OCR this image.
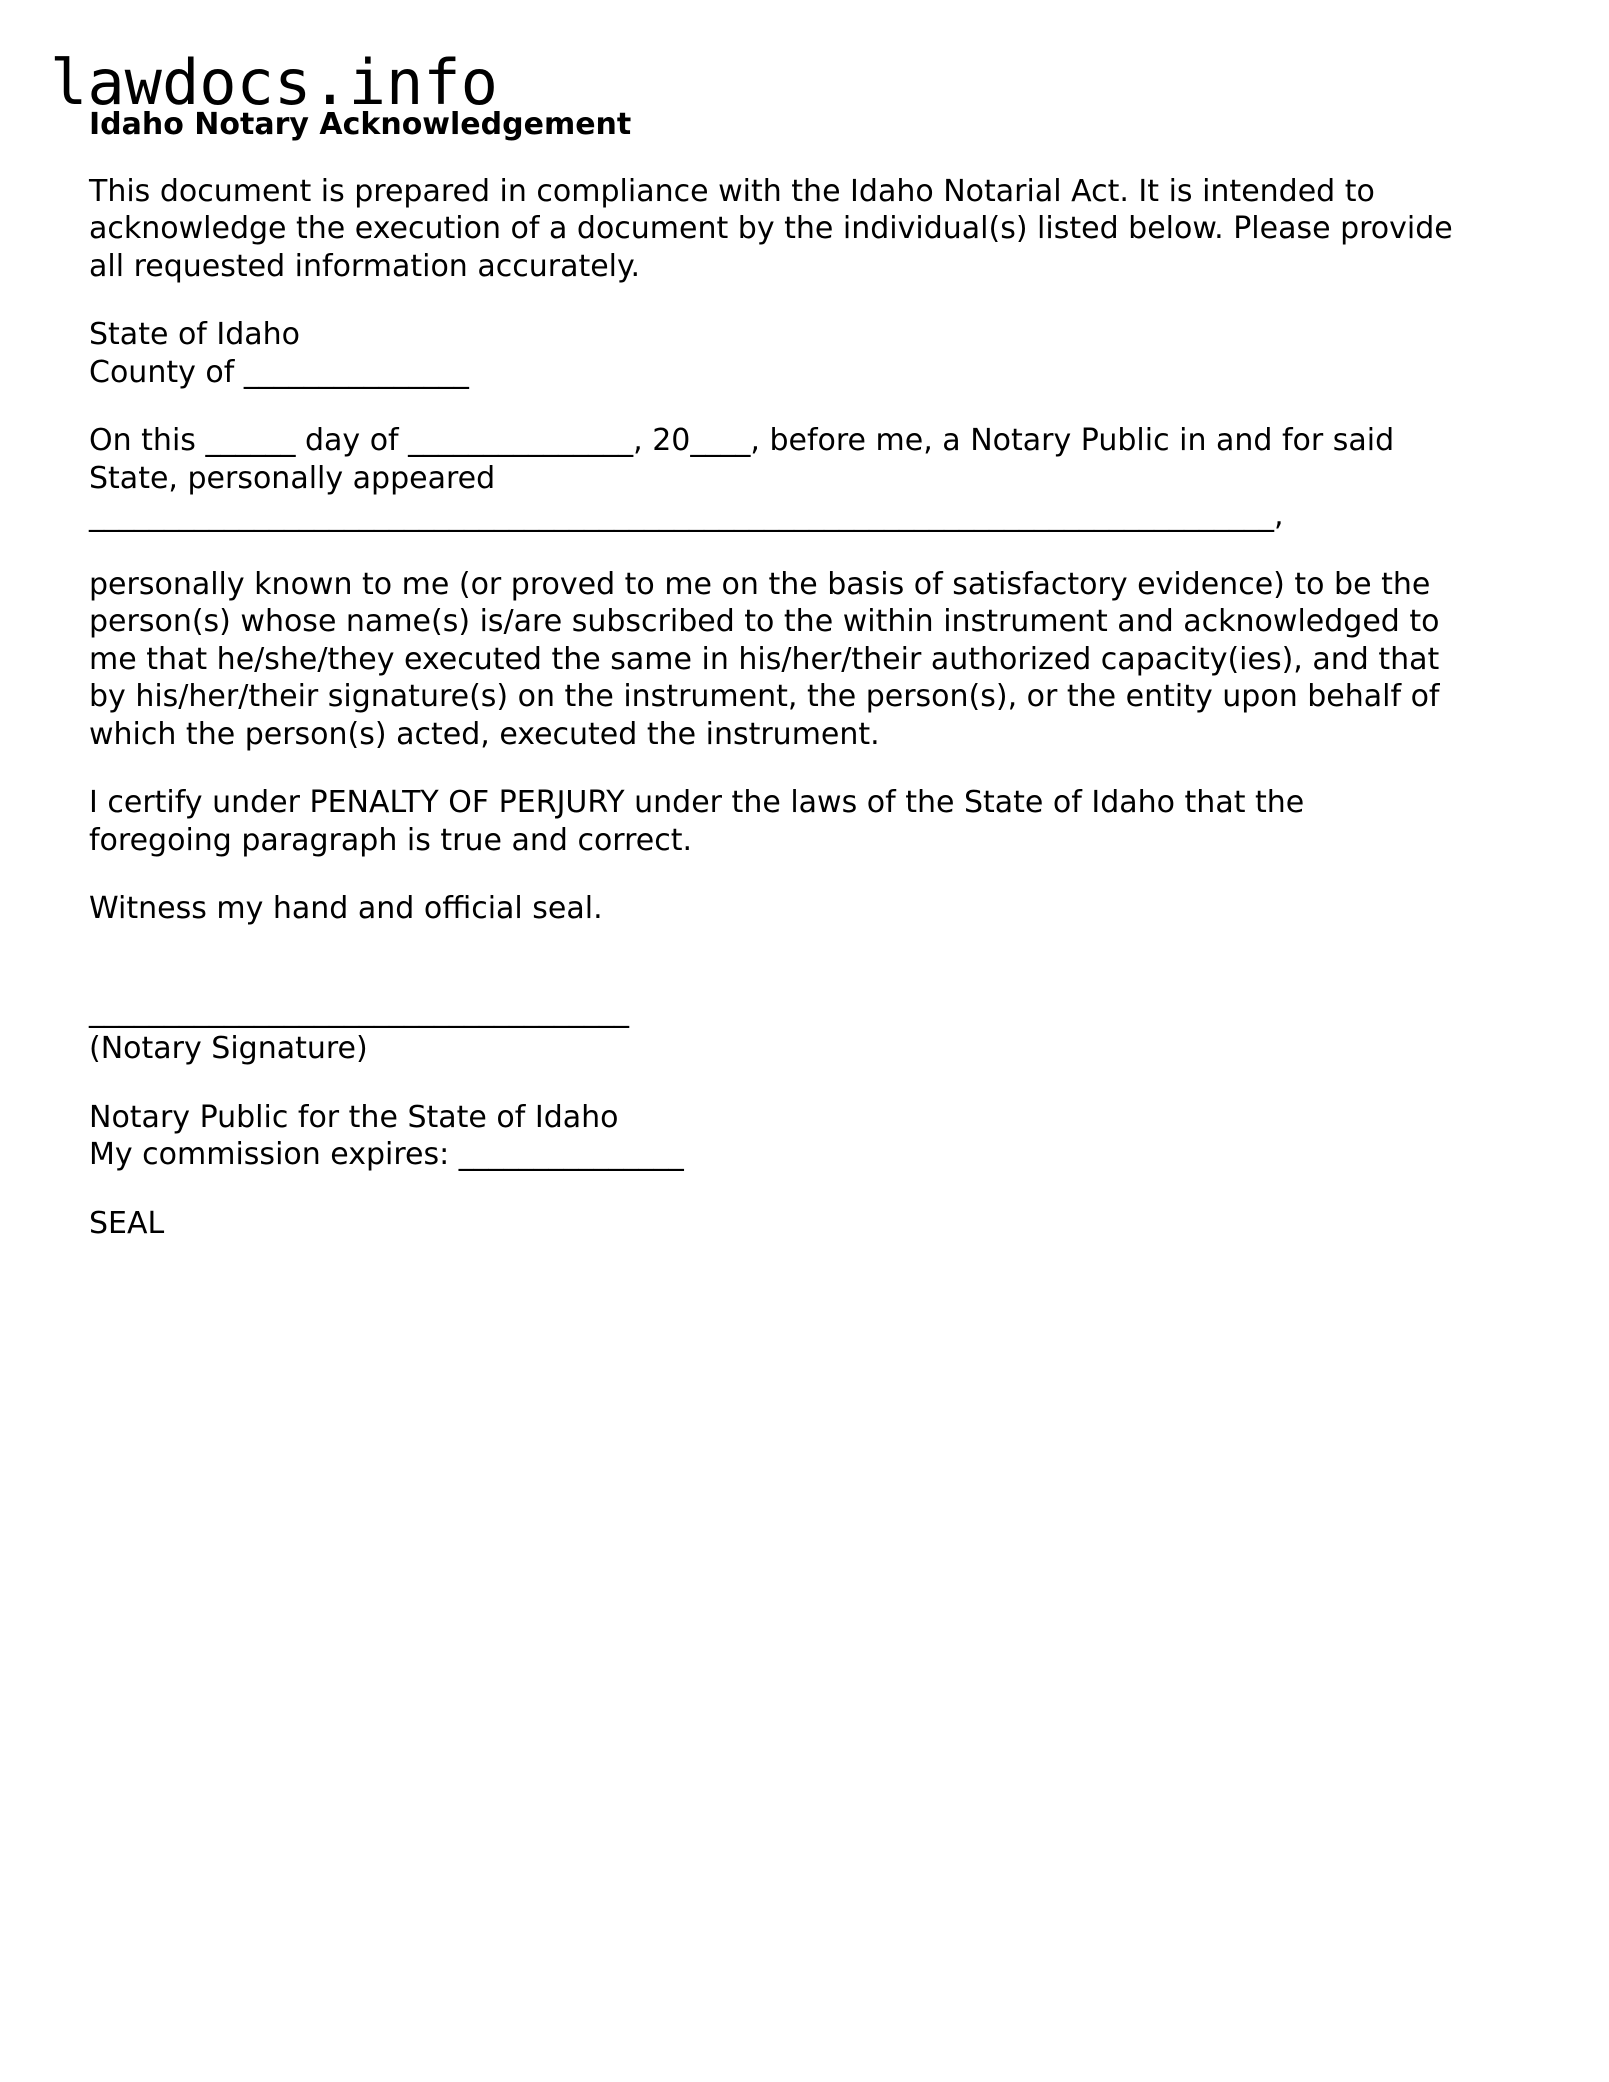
lawdocs.info
Idaho Notary Acknowledgement
This document is prepared in compliance with the Idaho Notarial Act. It is intended to
acknowledge the execution of a document by the individual(s) listed below. Please provide
all requested information accurately.
State of Idaho
County of _______________
On this ______ day of _______________, 20____, before me, a Notary Public in and for said
State, personally appeared
_______________________________________________________________________________,
personally known to me (or proved to me on the basis of satisfactory evidence) to be the
person(s) whose name(s) is/are subscribed to the within instrument and acknowledged to
me that he/she/they executed the same in his/her/their authorized capacity(ies), and that
by his/her/their signature(s) on the instrument, the person(s), or the entity upon behalf of
which the person(s) acted, executed the instrument.
I certify under PENALTY OF PERJURY under the laws of the State of Idaho that the
foregoing paragraph is true and correct.
Witness my hand and official seal.
____________________________________
(Notary Signature)
Notary Public for the State of Idaho
My commission expires: _______________
SEAL
